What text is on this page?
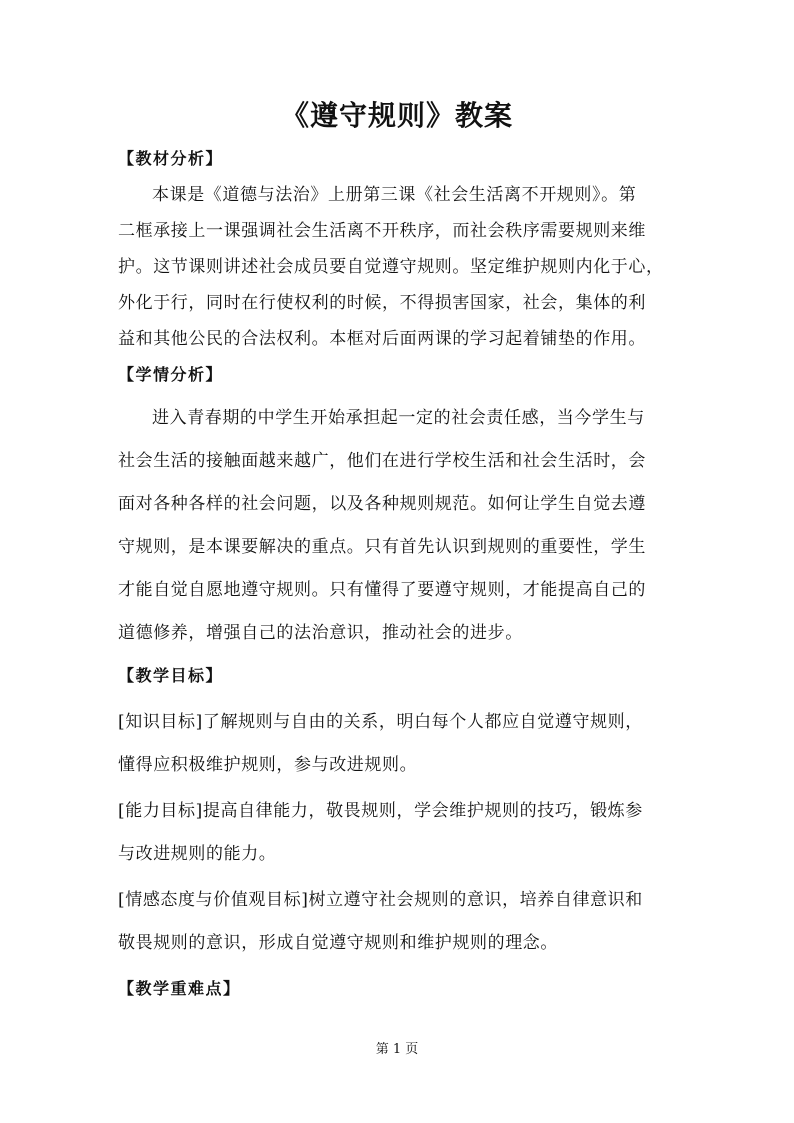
《遵守规则》教案
【教材分析】
本课是《道德与法治》上册第三课《社会生活离不开规则》。第
二框承接上一课强调社会生活离不开秩序，而社会秩序需要规则来维
护。这节课则讲述社会成员要自觉遵守规则。坚定维护规则内化于心，
外化于行，同时在行使权利的时候，不得损害国家，社会，集体的利
益和其他公民的合法权利。本框对后面两课的学习起着铺垫的作用。
【学情分析】
进入青春期的中学生开始承担起一定的社会责任感，当今学生与
社会生活的接触面越来越广，他们在进行学校生活和社会生活时，会
面对各种各样的社会问题，以及各种规则规范。如何让学生自觉去遵
守规则，是本课要解决的重点。只有首先认识到规则的重要性，学生
才能自觉自愿地遵守规则。只有懂得了要遵守规则，才能提高自己的
道德修养，增强自己的法治意识，推动社会的进步。
【教学目标】
[知识目标]了解规则与自由的关系，明白每个人都应自觉遵守规则，
懂得应积极维护规则，参与改进规则。
[能力目标]提高自律能力，敬畏规则，学会维护规则的技巧，锻炼参
与改进规则的能力。
[情感态度与价值观目标]树立遵守社会规则的意识，培养自律意识和
敬畏规则的意识，形成自觉遵守规则和维护规则的理念。
【教学重难点】
第 1 页
